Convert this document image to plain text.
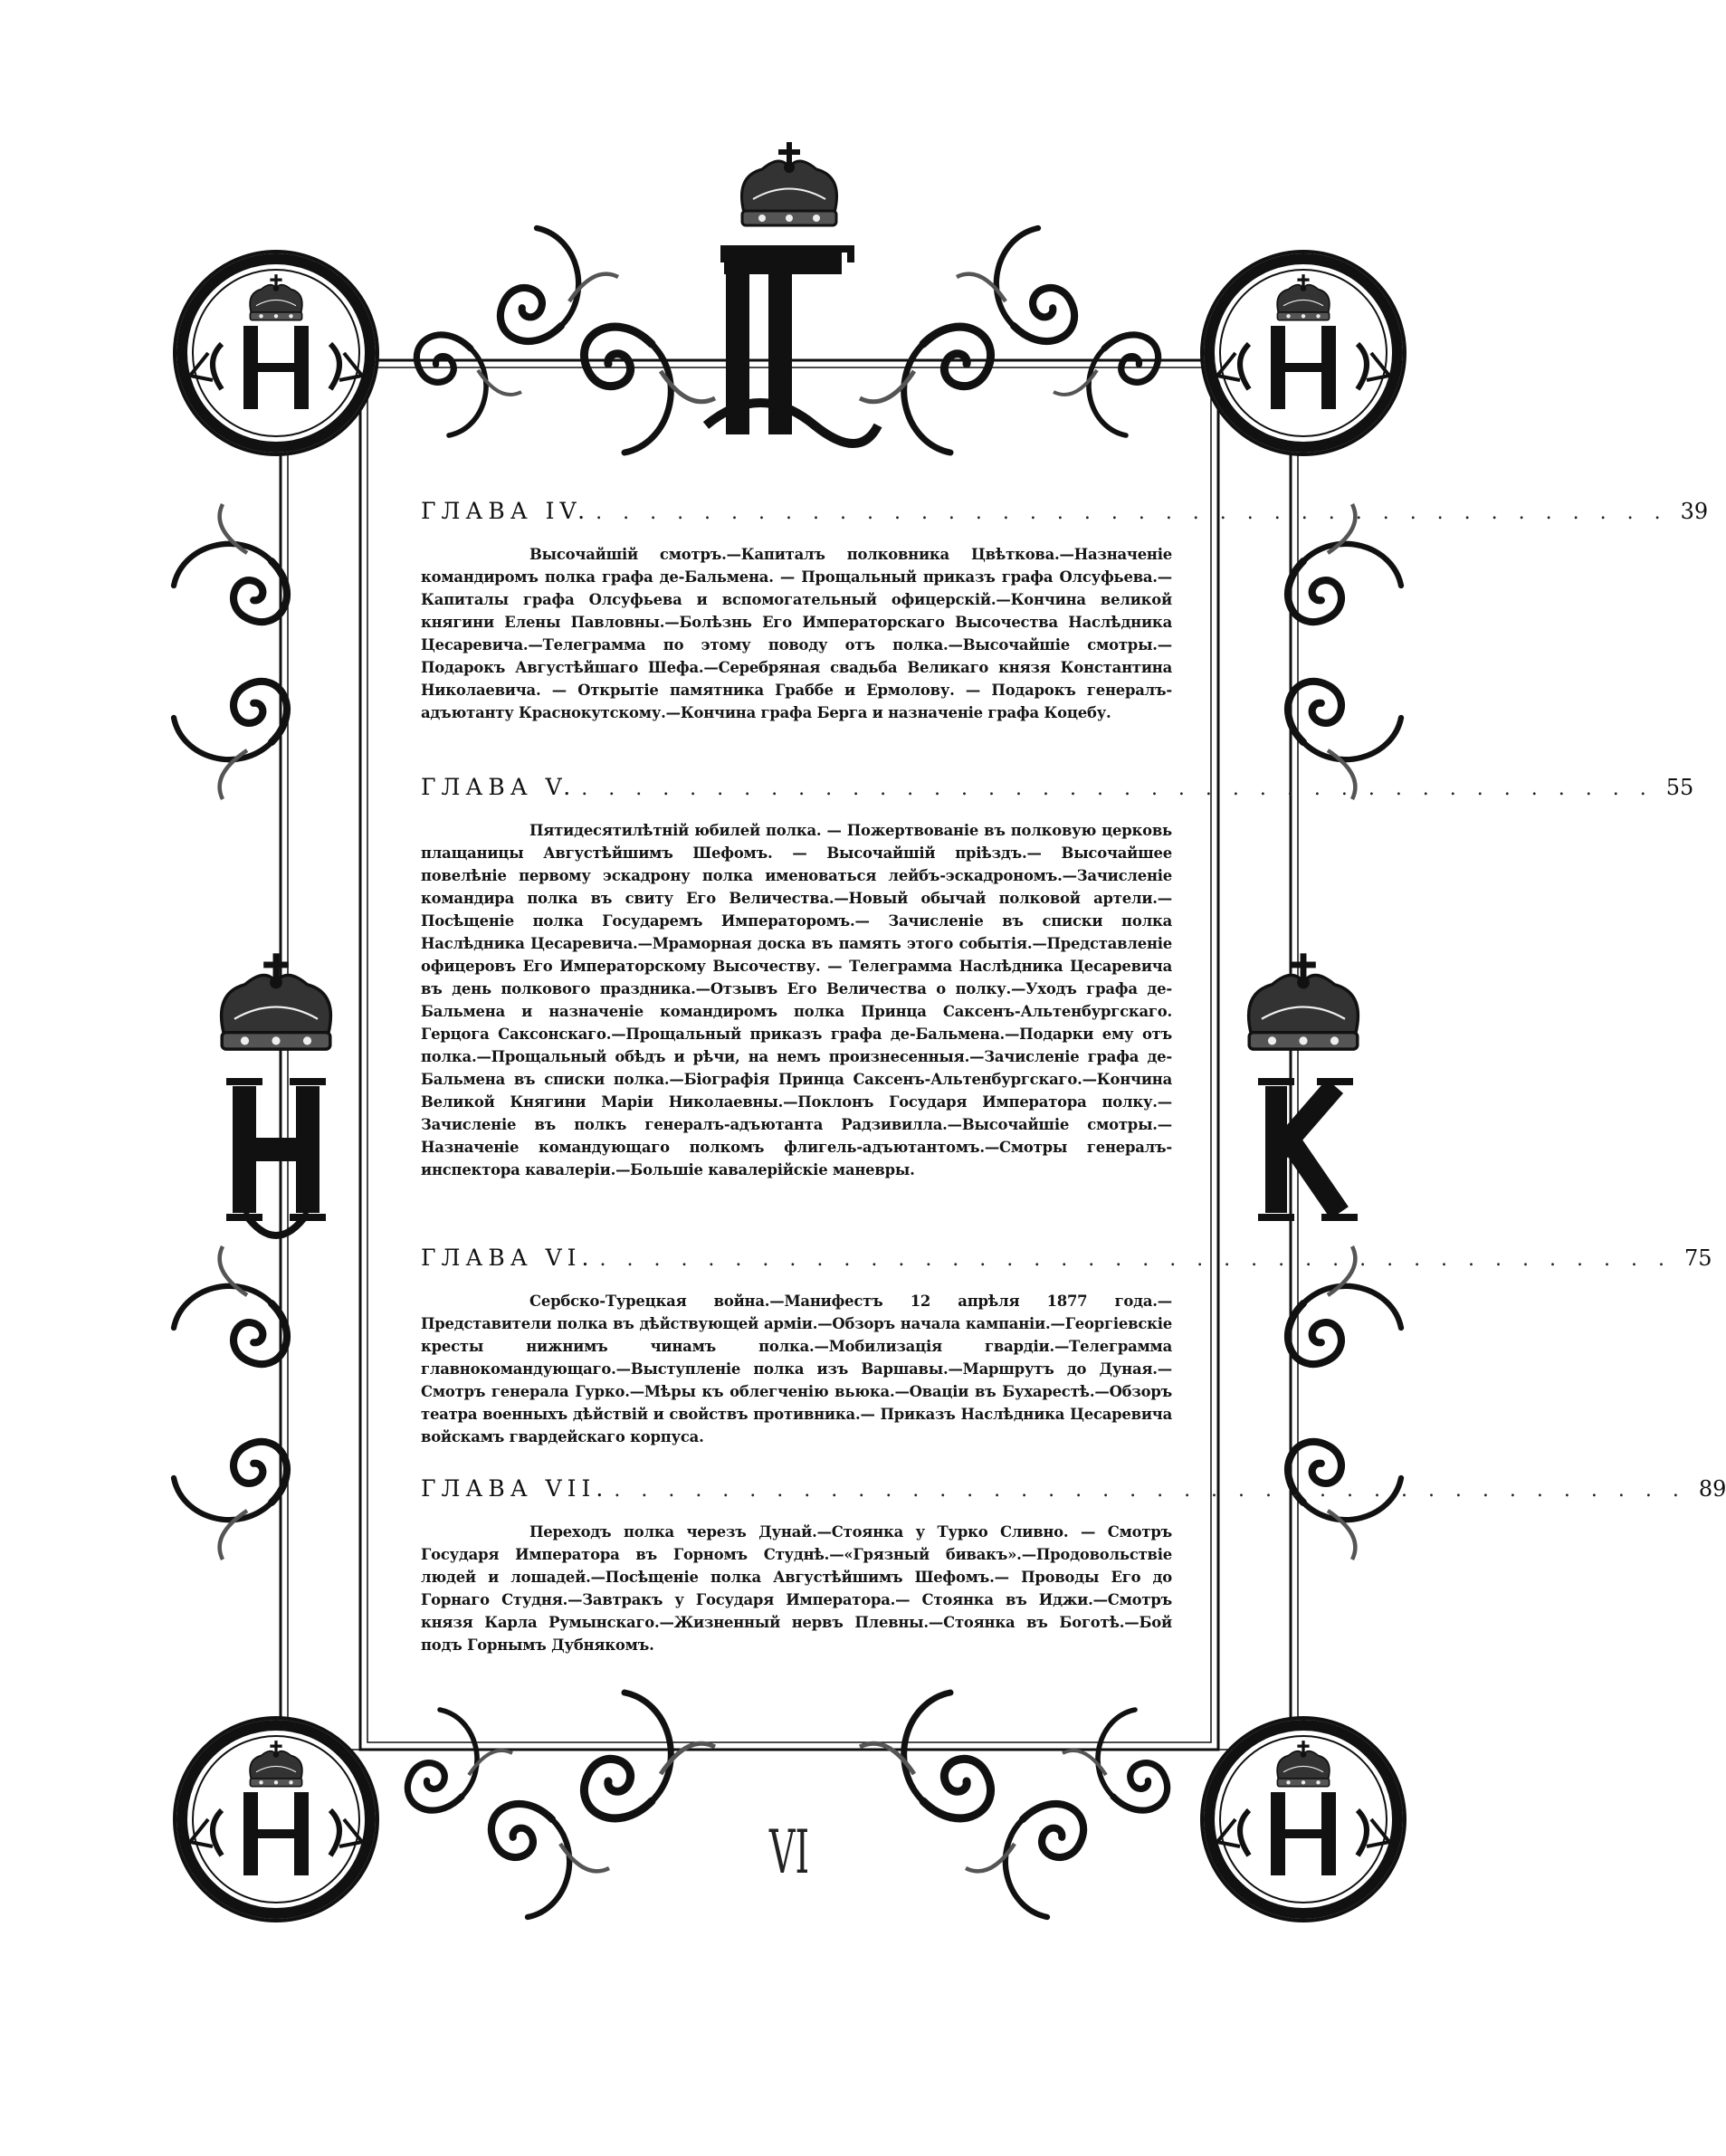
ГЛАВА IV. . . . . . . . . . . . . . . . . . . . . . . . . . . . . . . . . . . . . . . . . 39
Высочайшій смотръ.—Капиталъ полковника Цвѣткова.—Назначеніе командиромъ полка графа де-Бальмена. — Прощальный приказъ графа Олсуфьева.—Капиталы графа Олсуфьева и вспомогательный офицерскій.—Кончина великой княгини Елены Павловны.—Болѣзнь Его Императорскаго Высочества Наслѣдника Цесаревича.—Телеграмма по этому поводу отъ полка.—Высочайшіе смотры.—Подарокъ Августѣйшаго Шефа.—Серебряная свадьба Великаго князя Константина Николаевича. — Открытіе памятника Граббе и Ермолову. — Подарокъ генералъ-адъютанту Краснокутскому.—Кончина графа Берга и назначеніе графа Коцебу.
ГЛАВА V. . . . . . . . . . . . . . . . . . . . . . . . . . . . . . . . . . . . . . . . . 55
Пятидесятилѣтній юбилей полка. — Пожертвованіе въ полковую церковь плащаницы Августѣйшимъ Шефомъ. — Высочайшій пріѣздъ.— Высочайшее повелѣніе первому эскадрону полка именоваться лейбъ-эскадрономъ.—Зачисленіе командира полка въ свиту Его Величества.—Новый обычай полковой артели.—Посѣщеніе полка Государемъ Императоромъ.— Зачисленіе въ списки полка Наслѣдника Цесаревича.—Мраморная доска въ память этого событія.—Представленіе офицеровъ Его Императорскому Высочеству. — Телеграмма Наслѣдника Цесаревича въ день полкового праздника.—Отзывъ Его Величества о полку.—Уходъ графа де-Бальмена и назначеніе командиромъ полка Принца Саксенъ-Альтенбургскаго. Герцога Саксонскаго.—Прощальный приказъ графа де-Бальмена.—Подарки ему отъ полка.—Прощальный обѣдъ и рѣчи, на немъ произнесенныя.—Зачисленіе графа де-Бальмена въ списки полка.—Біографія Принца Саксенъ-Альтенбургскаго.—Кончина Великой Княгини Маріи Николаевны.—Поклонъ Государя Императора полку.—Зачисленіе въ полкъ генералъ-адъютанта Радзивилла.—Высочайшіе смотры.—Назначеніе командующаго полкомъ флигель-адъютантомъ.—Смотры генералъ-инспектора кавалеріи.—Большіе кавалерійскіе маневры.
ГЛАВА VI. . . . . . . . . . . . . . . . . . . . . . . . . . . . . . . . . . . . . . . . . 75
Сербско-Турецкая война.—Манифестъ 12 апрѣля 1877 года.—Представители полка въ дѣйствующей арміи.—Обзоръ начала кампаніи.—Георгіевскіе кресты нижнимъ чинамъ полка.—Мобилизація гвардіи.—Телеграмма главнокомандующаго.—Выступленіе полка изъ Варшавы.—Маршрутъ до Дуная.—Смотръ генерала Гурко.—Мѣры къ облегченію вьюка.—Оваціи въ Бухарестѣ.—Обзоръ театра военныхъ дѣйствій и свойствъ противника.— Приказъ Наслѣдника Цесаревича войскамъ гвардейскаго корпуса.
ГЛАВА VII. . . . . . . . . . . . . . . . . . . . . . . . . . . . . . . . . . . . . . . . . 89
Переходъ полка черезъ Дунай.—Стоянка у Турко Сливно. — Смотръ Государя Императора въ Горномъ Студнѣ.—«Грязный бивакъ».—Продовольствіе людей и лошадей.—Посѣщеніе полка Августѣйшимъ Шефомъ.— Проводы Его до Горнаго Студня.—Завтракъ у Государя Императора.— Стоянка въ Иджи.—Смотръ князя Карла Румынскаго.—Жизненный нервъ Плевны.—Стоянка въ Боготѣ.—Бой подъ Горнымъ Дубнякомъ.
VI
